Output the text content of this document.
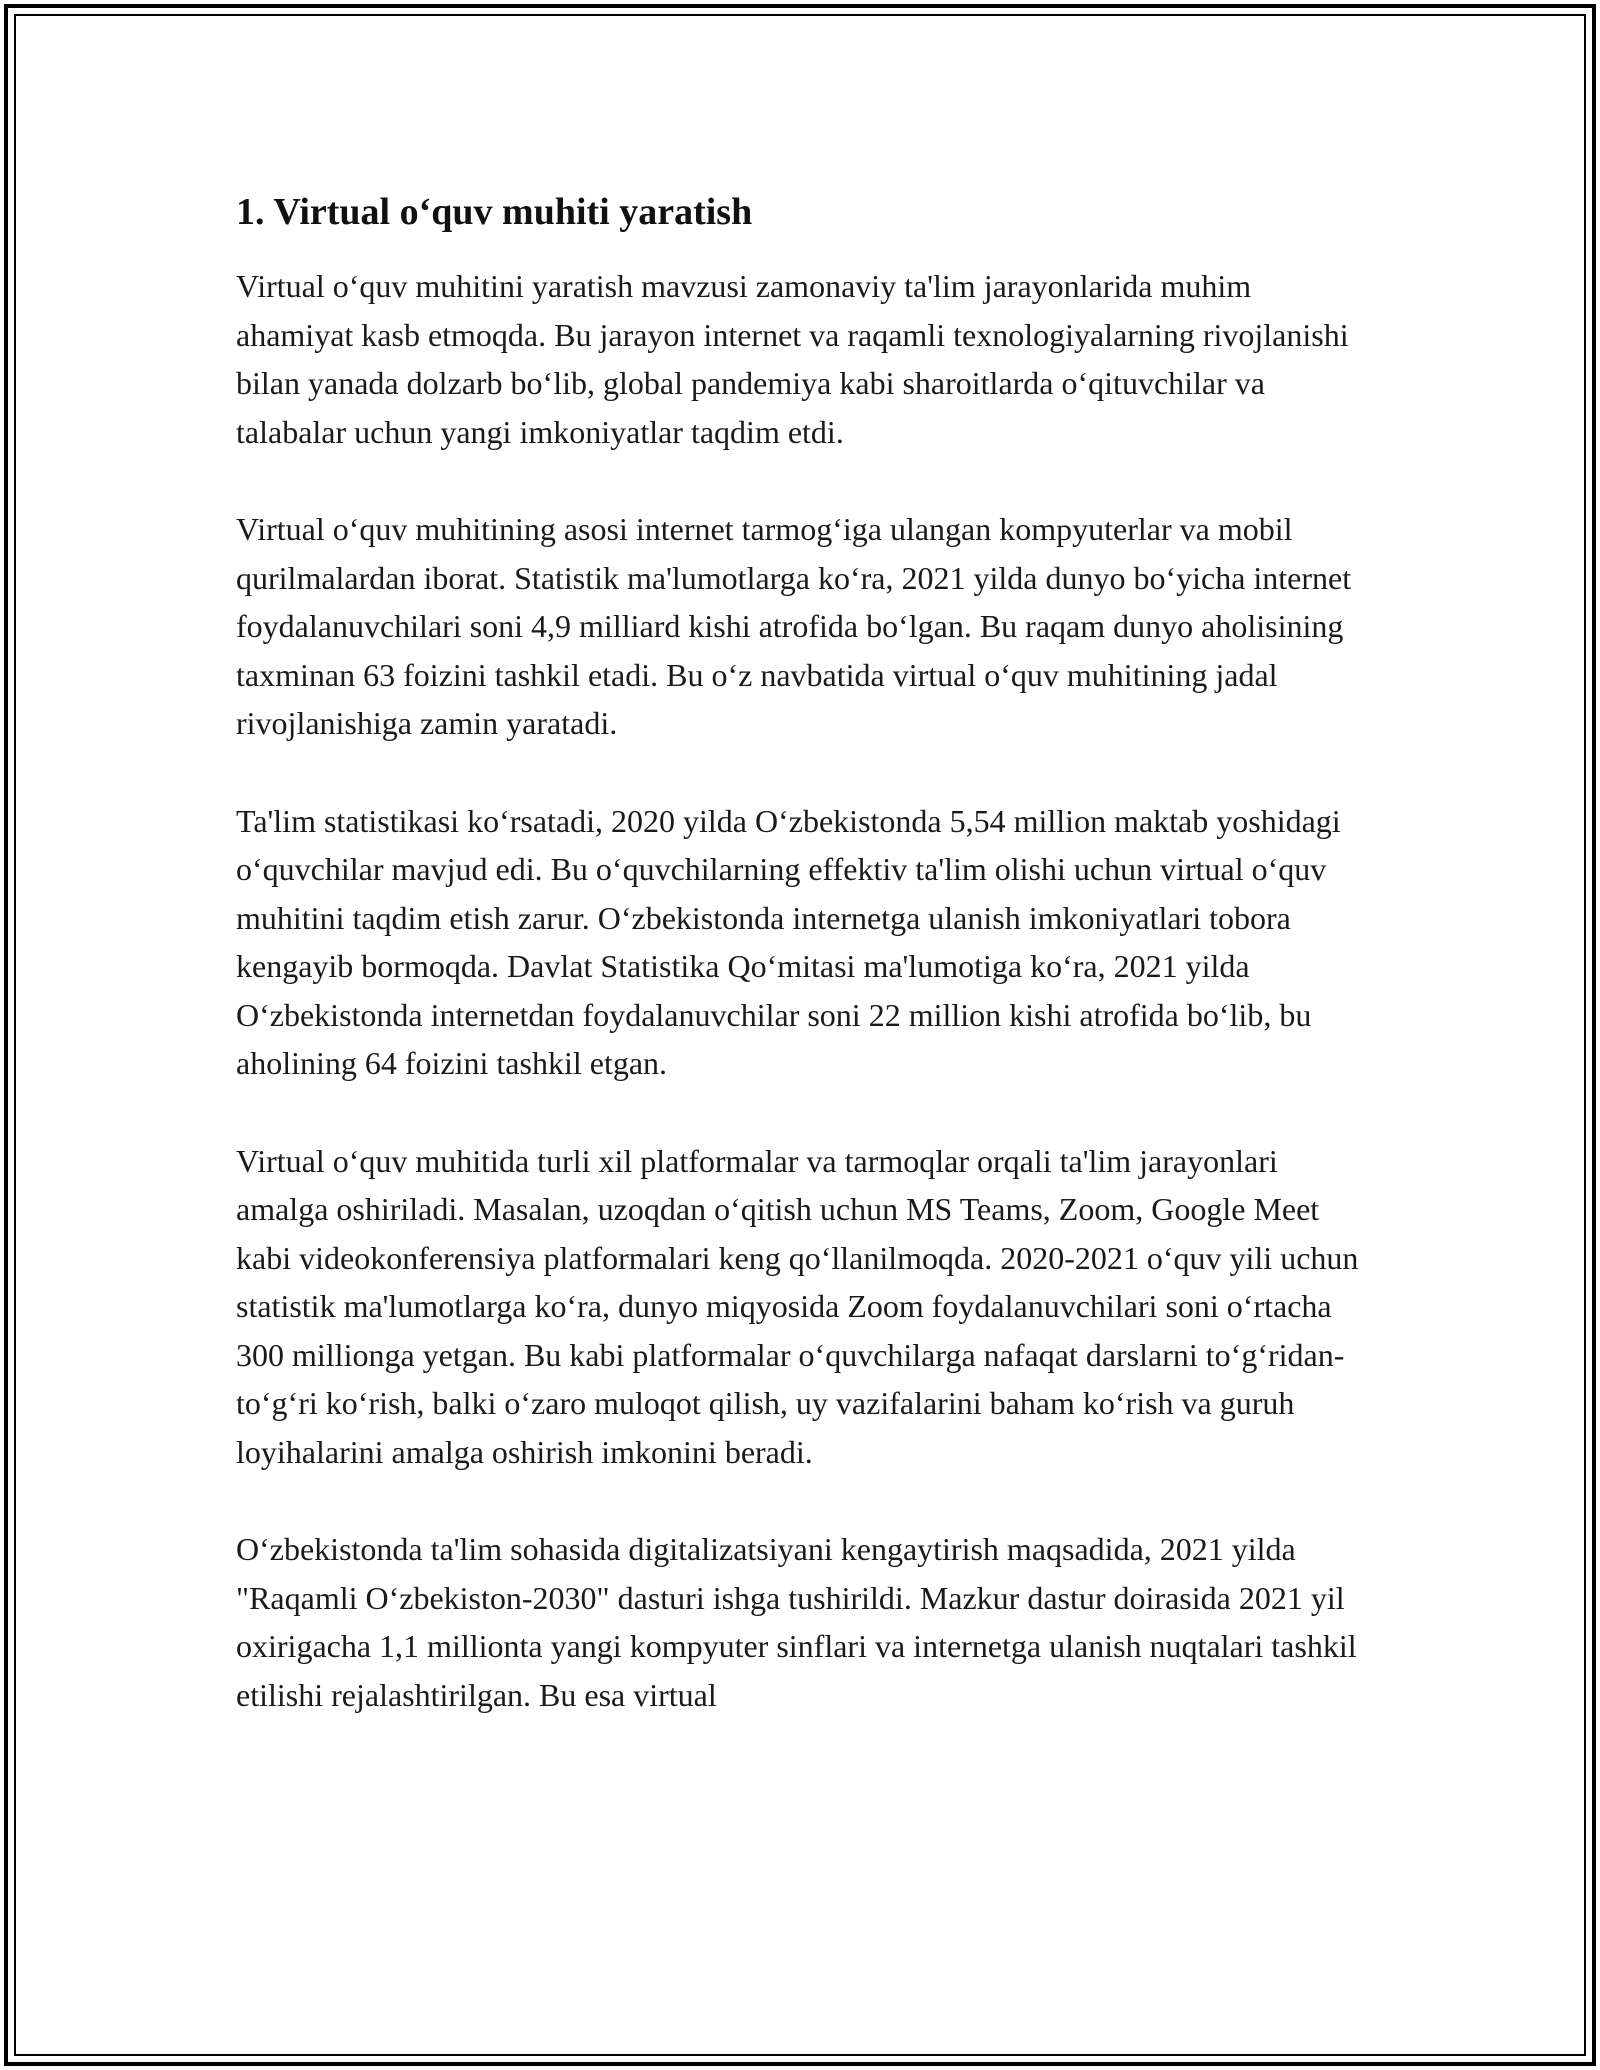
1. Virtual o‘quv muhiti yaratish

Virtual o‘quv muhitini yaratish mavzusi zamonaviy ta'lim jarayonlarida muhim ahamiyat kasb etmoqda. Bu jarayon internet va raqamli texnologiyalarning rivojlanishi bilan yanada dolzarb bo‘lib, global pandemiya kabi sharoitlarda o‘qituvchilar va talabalar uchun yangi imkoniyatlar taqdim etdi.

Virtual o‘quv muhitining asosi internet tarmog‘iga ulangan kompyuterlar va mobil qurilmalardan iborat. Statistik ma'lumotlarga ko‘ra, 2021 yilda dunyo bo‘yicha internet foydalanuvchilari soni 4,9 milliard kishi atrofida bo‘lgan. Bu raqam dunyo aholisining taxminan 63 foizini tashkil etadi. Bu o‘z navbatida virtual o‘quv muhitining jadal rivojlanishiga zamin yaratadi.

Ta'lim statistikasi ko‘rsatadi, 2020 yilda O‘zbekistonda 5,54 million maktab yoshidagi o‘quvchilar mavjud edi. Bu o‘quvchilarning effektiv ta'lim olishi uchun virtual o‘quv muhitini taqdim etish zarur. O‘zbekistonda internetga ulanish imkoniyatlari tobora kengayib bormoqda. Davlat Statistika Qo‘mitasi ma'lumotiga ko‘ra, 2021 yilda O‘zbekistonda internetdan foydalanuvchilar soni 22 million kishi atrofida bo‘lib, bu aholining 64 foizini tashkil etgan.

Virtual o‘quv muhitida turli xil platformalar va tarmoqlar orqali ta'lim jarayonlari amalga oshiriladi. Masalan, uzoqdan o‘qitish uchun MS Teams, Zoom, Google Meet kabi videokonferensiya platformalari keng qo‘llanilmoqda. 2020-2021 o‘quv yili uchun statistik ma'lumotlarga ko‘ra, dunyo miqyosida Zoom foydalanuvchilari soni o‘rtacha 300 millionga yetgan. Bu kabi platformalar o‘quvchilarga nafaqat darslarni to‘g‘ridan-to‘g‘ri ko‘rish, balki o‘zaro muloqot qilish, uy vazifalarini baham ko‘rish va guruh loyihalarini amalga oshirish imkonini beradi.

O‘zbekistonda ta'lim sohasida digitalizatsiyani kengaytirish maqsadida, 2021 yilda "Raqamli O‘zbekiston-2030" dasturi ishga tushirildi. Mazkur dastur doirasida 2021 yil oxirigacha 1,1 millionta yangi kompyuter sinflari va internetga ulanish nuqtalari tashkil etilishi rejalashtirilgan. Bu esa virtual
